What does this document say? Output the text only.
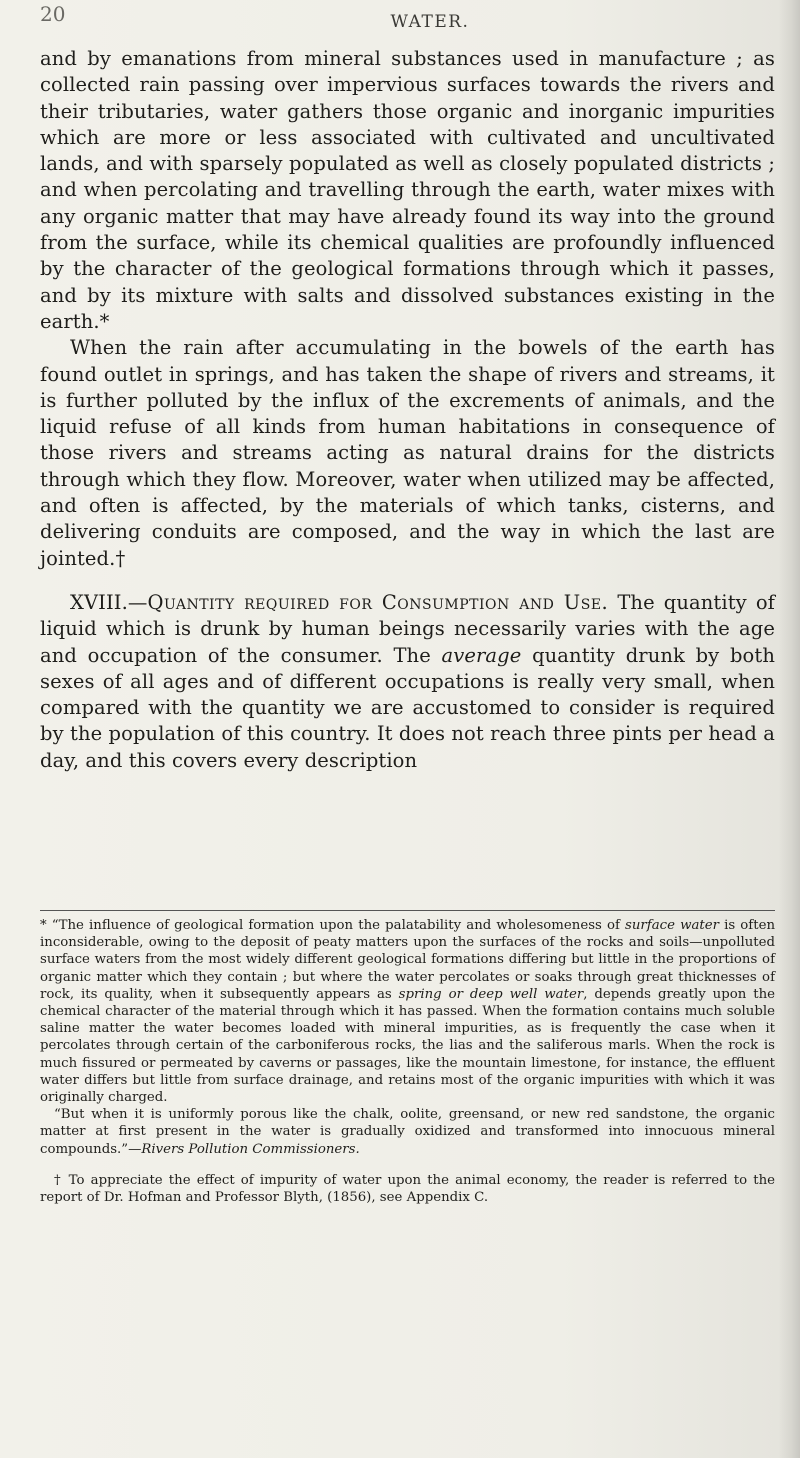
20	WATER.

and by emanations from mineral substances used in manufacture ; as collected rain passing over impervious surfaces towards the rivers and their tributaries, water gathers those organic and inorganic impurities which are more or less associated with cultivated and uncultivated lands, and with sparsely populated as well as closely populated districts ; and when percolating and travelling through the earth, water mixes with any organic matter that may have already found its way into the ground from the surface, while its chemical qualities are profoundly influenced by the character of the geological formations through which it passes, and by its mixture with salts and dissolved substances existing in the earth.*

When the rain after accumulating in the bowels of the earth has found outlet in springs, and has taken the shape of rivers and streams, it is further polluted by the influx of the excrements of animals, and the liquid refuse of all kinds from human habitations in consequence of those rivers and streams acting as natural drains for the districts through which they flow. Moreover, water when utilized may be affected, and often is affected, by the materials of which tanks, cisterns, and delivering conduits are composed, and the way in which the last are jointed.†

XVIII.—Quantity required for Consumption and Use. The quantity of liquid which is drunk by human beings necessarily varies with the age and occupation of the consumer. The average quantity drunk by both sexes of all ages and of different occupations is really very small, when compared with the quantity we are accustomed to consider is required by the population of this country. It does not reach three pints per head a day, and this covers every description

* “The influence of geological formation upon the palatability and wholesomeness of surface water is often inconsiderable, owing to the deposit of peaty matters upon the surfaces of the rocks and soils—unpolluted surface waters from the most widely different geological formations differing but little in the proportions of organic matter which they contain ; but where the water percolates or soaks through great thicknesses of rock, its quality, when it subsequently appears as spring or deep well water, depends greatly upon the chemical character of the material through which it has passed. When the formation contains much soluble saline matter the water becomes loaded with mineral impurities, as is frequently the case when it percolates through certain of the carboniferous rocks, the lias and the saliferous marls. When the rock is much fissured or permeated by caverns or passages, like the mountain limestone, for instance, the effluent water differs but little from surface drainage, and retains most of the organic impurities with which it was originally charged.

“But when it is uniformly porous like the chalk, oolite, greensand, or new red sandstone, the organic matter at first present in the water is gradually oxidized and transformed into innocuous mineral compounds.”—Rivers Pollution Commissioners.

† To appreciate the effect of impurity of water upon the animal economy, the reader is referred to the report of Dr. Hofman and Professor Blyth, (1856), see Appendix C.
